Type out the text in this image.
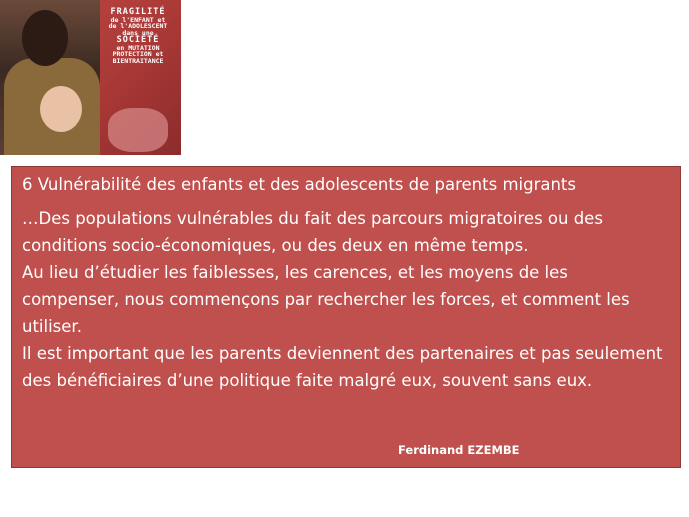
FRAGILITÉ
de l'ENFANT et
de l'ADOLESCENT
dans une
SOCIÉTÉ
en MUTATION
PROTECTION et
BIENTRAITANCE
6 Vulnérabilité des enfants et des adolescents de parents migrants

…Des populations vulnérables du fait des parcours migratoires ou des conditions socio-économiques, ou des deux en même temps.

Au lieu d’étudier les faiblesses, les carences, et les moyens de les compenser, nous commençons par rechercher les forces, et comment les utiliser.

Il est important que les parents deviennent des partenaires et pas seulement des bénéficiaires d’une politique faite malgré eux, souvent sans eux.

Ferdinand EZEMBE
